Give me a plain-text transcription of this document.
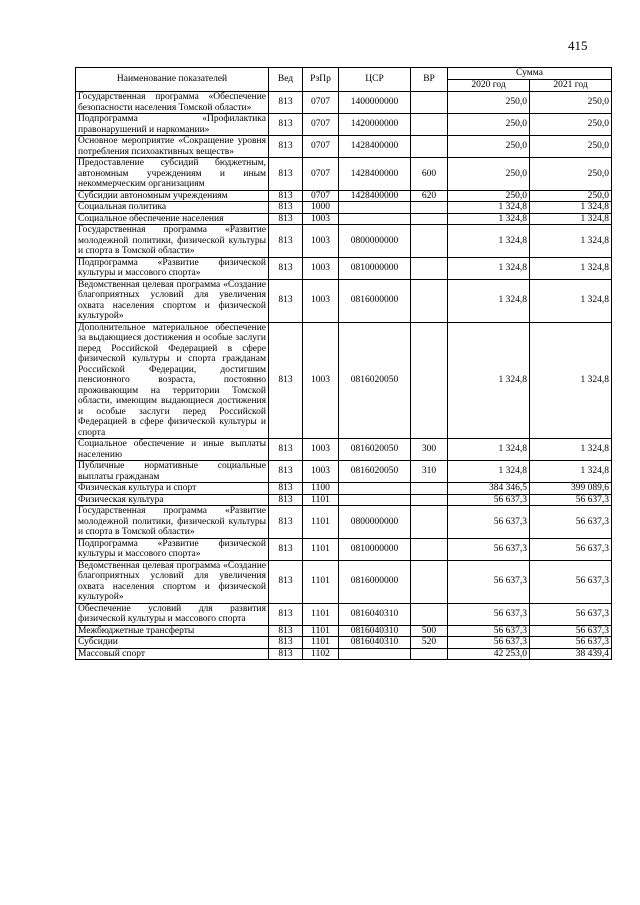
415
Наименование показателей	Вед	РзПр	ЦСР	ВР	Сумма	
					2020 год	2021 год
Государственная программа «Обеспечение безопасности населения Томской области»	813	0707	1400000000		250,0	250,0
Подпрограмма «Профилактика правонарушений и наркомании»	813	0707	1420000000		250,0	250,0
Основное мероприятие «Сокращение уровня потребления психоактивных веществ»	813	0707	1428400000		250,0	250,0
Предоставление субсидий бюджетным, автономным учреждениям и иным некоммерческим организациям	813	0707	1428400000	600	250,0	250,0
Субсидии автономным учреждениям	813	0707	1428400000	620	250,0	250,0
Социальная политика	813	1000			1 324,8	1 324,8
Социальное обеспечение населения	813	1003			1 324,8	1 324,8
Государственная программа «Развитие молодежной политики, физической культуры и спорта в Томской области»	813	1003	0800000000		1 324,8	1 324,8
Подпрограмма «Развитие физической культуры и массового спорта»	813	1003	0810000000		1 324,8	1 324,8
Ведомственная целевая программа «Создание благоприятных условий для увеличения охвата населения спортом и физической культурой»	813	1003	0816000000		1 324,8	1 324,8
Дополнительное материальное обеспечение за выдающиеся достижения и особые заслуги перед Российской Федерацией в сфере физической культуры и спорта гражданам Российской Федерации, достигшим пенсионного возраста, постоянно проживающим на территории Томской области, имеющим выдающиеся достижения и особые заслуги перед Российской Федерацией в сфере физической культуры и спорта	813	1003	0816020050		1 324,8	1 324,8
Социальное обеспечение и иные выплаты населению	813	1003	0816020050	300	1 324,8	1 324,8
Публичные нормативные социальные выплаты гражданам	813	1003	0816020050	310	1 324,8	1 324,8
Физическая культура и спорт	813	1100			384 346,5	399 089,6
Физическая культура	813	1101			56 637,3	56 637,3
Государственная программа «Развитие молодежной политики, физической культуры и спорта в Томской области»	813	1101	0800000000		56 637,3	56 637,3
Подпрограмма «Развитие физической культуры и массового спорта»	813	1101	0810000000		56 637,3	56 637,3
Ведомственная целевая программа «Создание благоприятных условий для увеличения охвата населения спортом и физической культурой»	813	1101	0816000000		56 637,3	56 637,3
Обеспечение условий для развития физической культуры и массового спорта	813	1101	0816040310		56 637,3	56 637,3
Межбюджетные трансферты	813	1101	0816040310	500	56 637,3	56 637,3
Субсидии	813	1101	0816040310	520	56 637,3	56 637,3
Массовый спорт	813	1102			42 253,0	38 439,4
